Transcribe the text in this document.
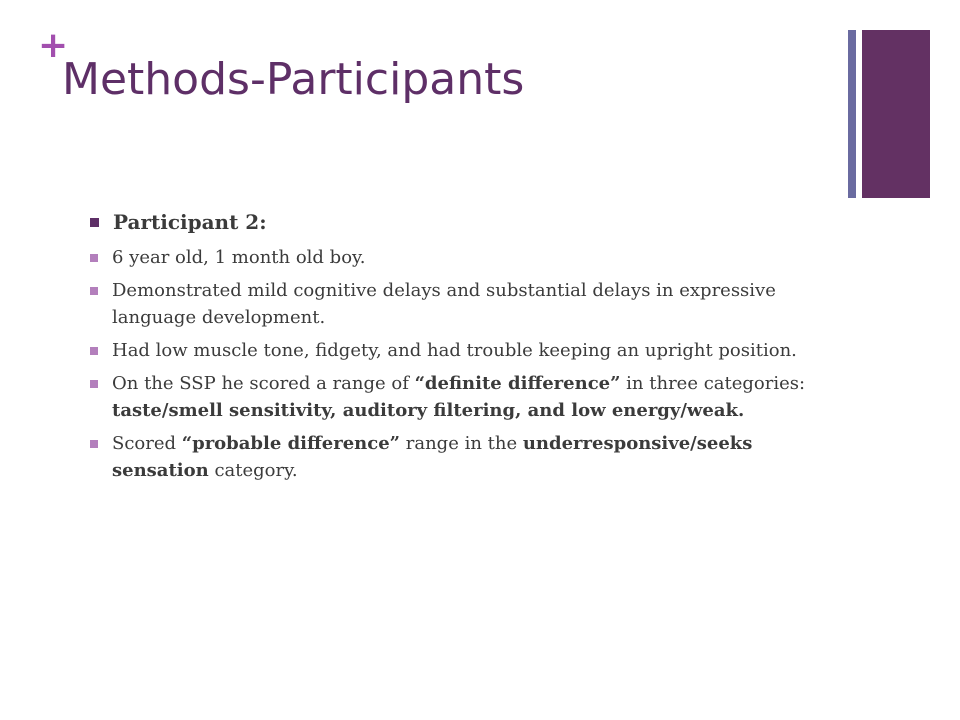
+
Methods-Participants
Participant 2:
6 year old, 1 month old boy.
Demonstrated mild cognitive delays and substantial delays in expressive language development.
Had low muscle tone, fidgety, and had trouble keeping an upright position.
On the SSP he scored a range of “definite difference” in three categories: taste/smell sensitivity, auditory filtering, and low energy/weak.
Scored “probable difference” range in the underresponsive/seeks sensation category.
